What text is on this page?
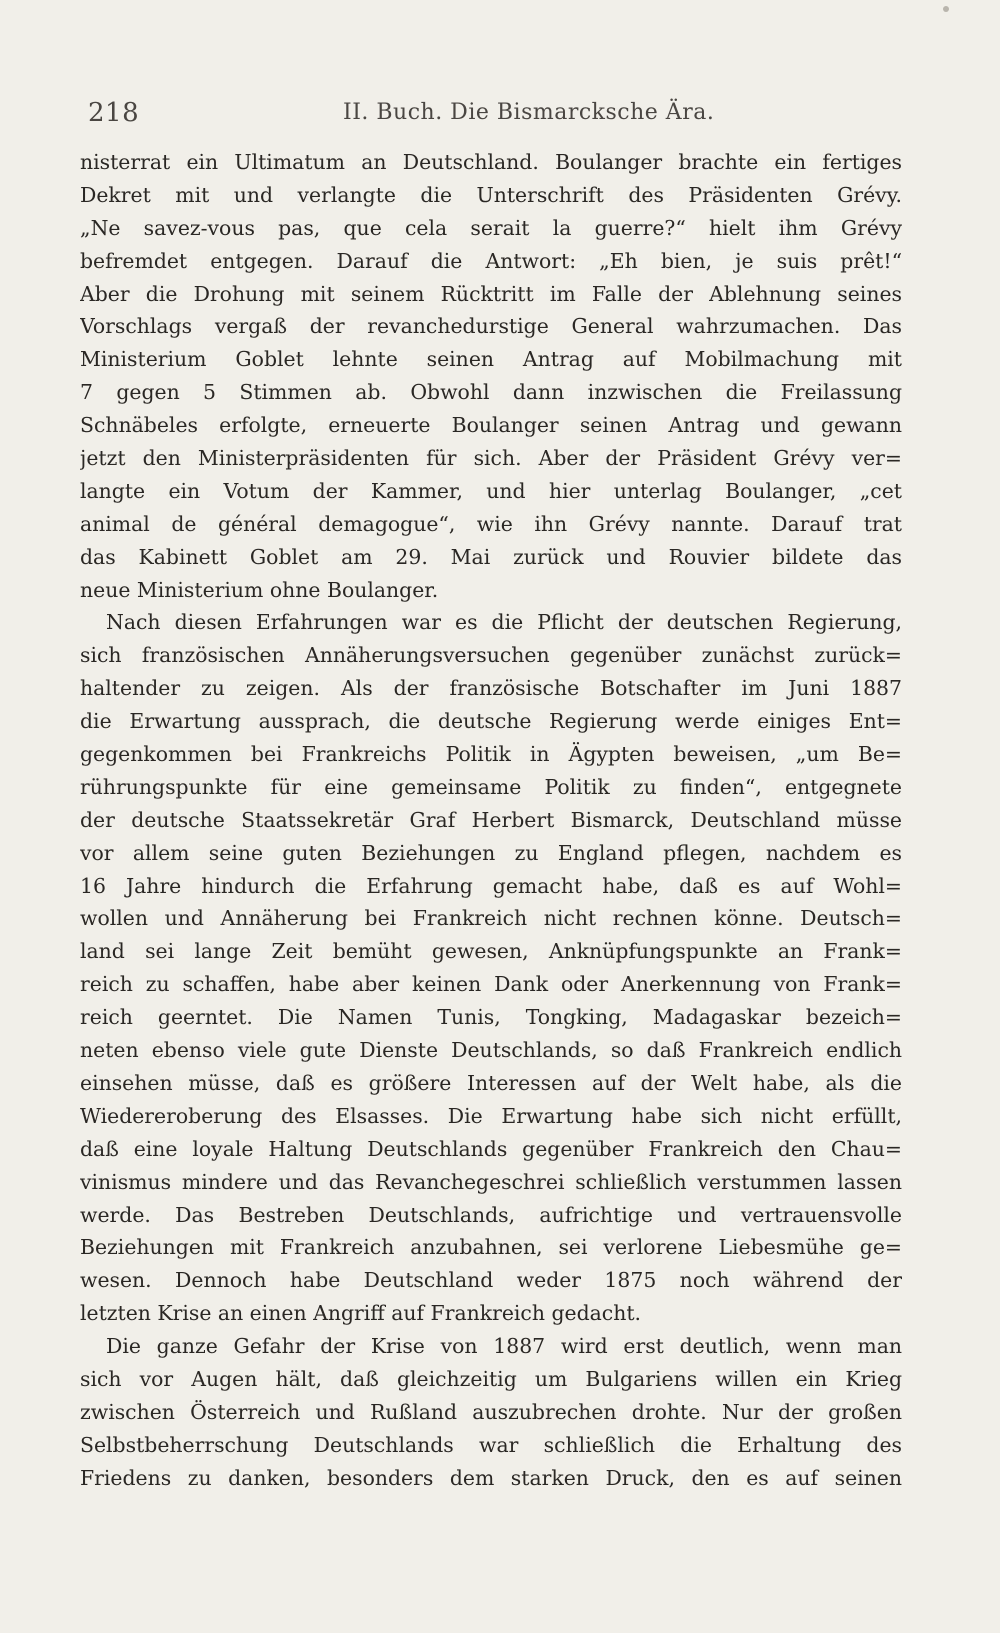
218	II. Buch. Die Bismarcksche Ära.
nisterrat ein Ultimatum an Deutschland. Boulanger brachte ein fertiges
Dekret mit und verlangte die Unterschrift des Präsidenten Grévy.
„Ne savez-vous pas, que cela serait la guerre?“ hielt ihm Grévy
befremdet entgegen. Darauf die Antwort: „Eh bien, je suis prêt!“
Aber die Drohung mit seinem Rücktritt im Falle der Ablehnung seines
Vorschlags vergaß der revanchedurstige General wahrzumachen. Das
Ministerium Goblet lehnte seinen Antrag auf Mobilmachung mit
7 gegen 5 Stimmen ab. Obwohl dann inzwischen die Freilassung
Schnäbeles erfolgte, erneuerte Boulanger seinen Antrag und gewann
jetzt den Ministerpräsidenten für sich. Aber der Präsident Grévy ver=
langte ein Votum der Kammer, und hier unterlag Boulanger, „cet
animal de général demagogue“, wie ihn Grévy nannte. Darauf trat
das Kabinett Goblet am 29. Mai zurück und Rouvier bildete das
neue Ministerium ohne Boulanger.
Nach diesen Erfahrungen war es die Pflicht der deutschen Regierung,
sich französischen Annäherungsversuchen gegenüber zunächst zurück=
haltender zu zeigen. Als der französische Botschafter im Juni 1887
die Erwartung aussprach, die deutsche Regierung werde einiges Ent=
gegenkommen bei Frankreichs Politik in Ägypten beweisen, „um Be=
rührungspunkte für eine gemeinsame Politik zu finden“, entgegnete
der deutsche Staatssekretär Graf Herbert Bismarck, Deutschland müsse
vor allem seine guten Beziehungen zu England pflegen, nachdem es
16 Jahre hindurch die Erfahrung gemacht habe, daß es auf Wohl=
wollen und Annäherung bei Frankreich nicht rechnen könne. Deutsch=
land sei lange Zeit bemüht gewesen, Anknüpfungspunkte an Frank=
reich zu schaffen, habe aber keinen Dank oder Anerkennung von Frank=
reich geerntet. Die Namen Tunis, Tongking, Madagaskar bezeich=
neten ebenso viele gute Dienste Deutschlands, so daß Frankreich endlich
einsehen müsse, daß es größere Interessen auf der Welt habe, als die
Wiedereroberung des Elsasses. Die Erwartung habe sich nicht erfüllt,
daß eine loyale Haltung Deutschlands gegenüber Frankreich den Chau=
vinismus mindere und das Revanchegeschrei schließlich verstummen lassen
werde. Das Bestreben Deutschlands, aufrichtige und vertrauensvolle
Beziehungen mit Frankreich anzubahnen, sei verlorene Liebesmühe ge=
wesen. Dennoch habe Deutschland weder 1875 noch während der
letzten Krise an einen Angriff auf Frankreich gedacht.
Die ganze Gefahr der Krise von 1887 wird erst deutlich, wenn man
sich vor Augen hält, daß gleichzeitig um Bulgariens willen ein Krieg
zwischen Österreich und Rußland auszubrechen drohte. Nur der großen
Selbstbeherrschung Deutschlands war schließlich die Erhaltung des
Friedens zu danken, besonders dem starken Druck, den es auf seinen
